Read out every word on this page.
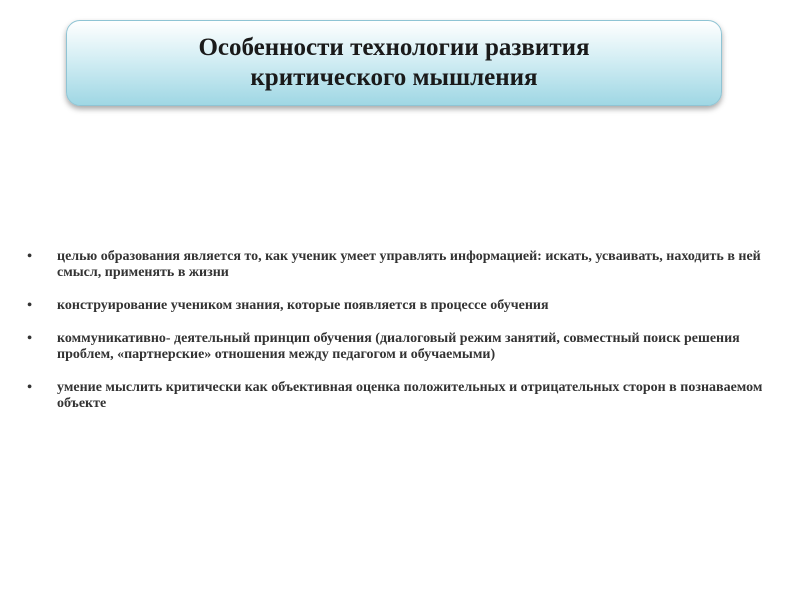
Особенности технологии развития
критического мышления
• целью образования является то, как ученик умеет управлять информацией: искать, усваивать, находить в ней смысл, применять в жизни
• конструирование учеником знания, которые появляется в процессе обучения
• коммуникативно- деятельный принцип обучения (диалоговый режим занятий, совместный поиск решения проблем, «партнерские» отношения между педагогом и обучаемыми)
• умение мыслить критически как объективная оценка положительных и отрицательных сторон в познаваемом объекте
